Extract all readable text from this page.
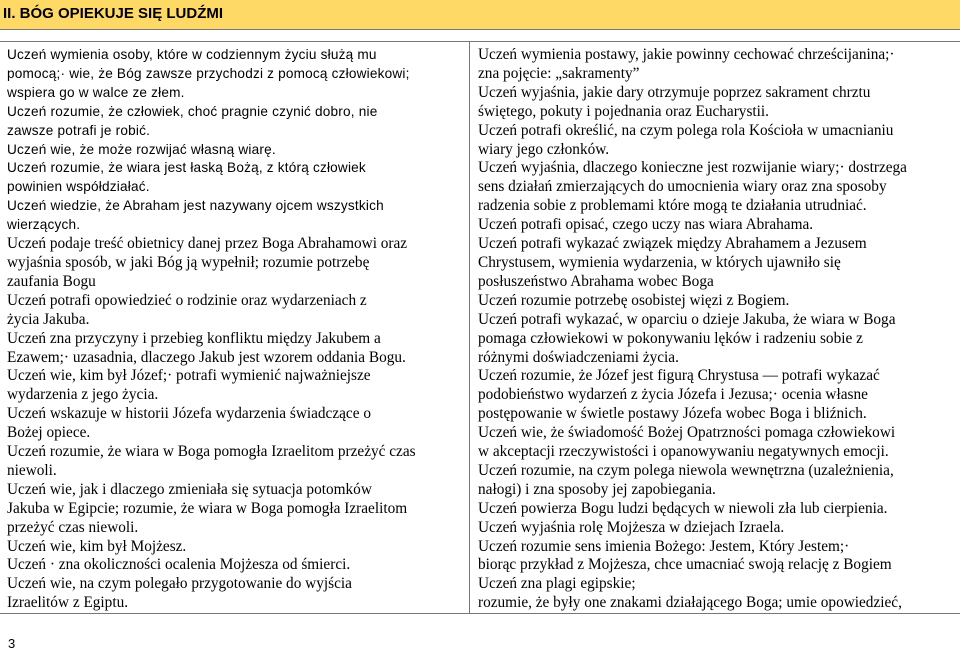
II. BÓG OPIEKUJE SIĘ LUDŹMI
Uczeń wymienia osoby, które w codziennym życiu służą mu
pomocą;· wie, że Bóg zawsze przychodzi z pomocą człowiekowi;
wspiera go w walce ze złem.
Uczeń rozumie, że człowiek, choć pragnie czynić dobro, nie
zawsze potrafi je robić.
Uczeń wie, że może rozwijać własną wiarę.
Uczeń rozumie, że wiara jest łaską Bożą, z którą człowiek
powinien współdziałać.
Uczeń wiedzie, że Abraham jest nazywany ojcem wszystkich
wierzących.
Uczeń podaje treść obietnicy danej przez Boga Abrahamowi oraz
wyjaśnia sposób, w jaki Bóg ją wypełnił; rozumie potrzebę
zaufania Bogu
Uczeń potrafi opowiedzieć o rodzinie oraz wydarzeniach z
życia Jakuba.
Uczeń zna przyczyny i przebieg konfliktu między Jakubem a
Ezawem;· uzasadnia, dlaczego Jakub jest wzorem oddania Bogu.
Uczeń wie, kim był Józef;· potrafi wymienić najważniejsze
wydarzenia z jego życia.
Uczeń wskazuje w historii Józefa wydarzenia świadczące o
Bożej opiece.
Uczeń rozumie, że wiara w Boga pomogła Izraelitom przeżyć czas
niewoli.
Uczeń wie, jak i dlaczego zmieniała się sytuacja potomków
Jakuba w Egipcie; rozumie, że wiara w Boga pomogła Izraelitom
przeżyć czas niewoli.
Uczeń wie, kim był Mojżesz.
Uczeń · zna okoliczności ocalenia Mojżesza od śmierci.
Uczeń wie, na czym polegało przygotowanie do wyjścia
Izraelitów z Egiptu.
Uczeń wymienia postawy, jakie powinny cechować chrześcijanina;·
zna pojęcie: „sakramenty”
Uczeń wyjaśnia, jakie dary otrzymuje poprzez sakrament chrztu
świętego, pokuty i pojednania oraz Eucharystii.
Uczeń potrafi określić, na czym polega rola Kościoła w umacnianiu
wiary jego członków.
Uczeń wyjaśnia, dlaczego konieczne jest rozwijanie wiary;· dostrzega
sens działań zmierzających do umocnienia wiary oraz zna sposoby
radzenia sobie z problemami które mogą te działania utrudniać.
Uczeń potrafi opisać, czego uczy nas wiara Abrahama.
Uczeń potrafi wykazać związek między Abrahamem a Jezusem
Chrystusem, wymienia wydarzenia, w których ujawniło się
posłuszeństwo Abrahama wobec Boga
Uczeń rozumie potrzebę osobistej więzi z Bogiem.
Uczeń potrafi wykazać, w oparciu o dzieje Jakuba, że wiara w Boga
pomaga człowiekowi w pokonywaniu lęków i radzeniu sobie z
różnymi doświadczeniami życia.
Uczeń rozumie, że Józef jest figurą Chrystusa — potrafi wykazać
podobieństwo wydarzeń z życia Józefa i Jezusa;· ocenia własne
postępowanie w świetle postawy Józefa wobec Boga i bliźnich.
Uczeń wie, że świadomość Bożej Opatrzności pomaga człowiekowi
w akceptacji rzeczywistości i opanowywaniu negatywnych emocji.
Uczeń rozumie, na czym polega niewola wewnętrzna (uzależnienia,
nałogi) i zna sposoby jej zapobiegania.
Uczeń powierza Bogu ludzi będących w niewoli zła lub cierpienia.
Uczeń wyjaśnia rolę Mojżesza w dziejach Izraela.
Uczeń rozumie sens imienia Bożego: Jestem, Który Jestem;·
biorąc przykład z Mojżesza, chce umacniać swoją relację z Bogiem
Uczeń zna plagi egipskie;
rozumie, że były one znakami działającego Boga; umie opowiedzieć,
3
